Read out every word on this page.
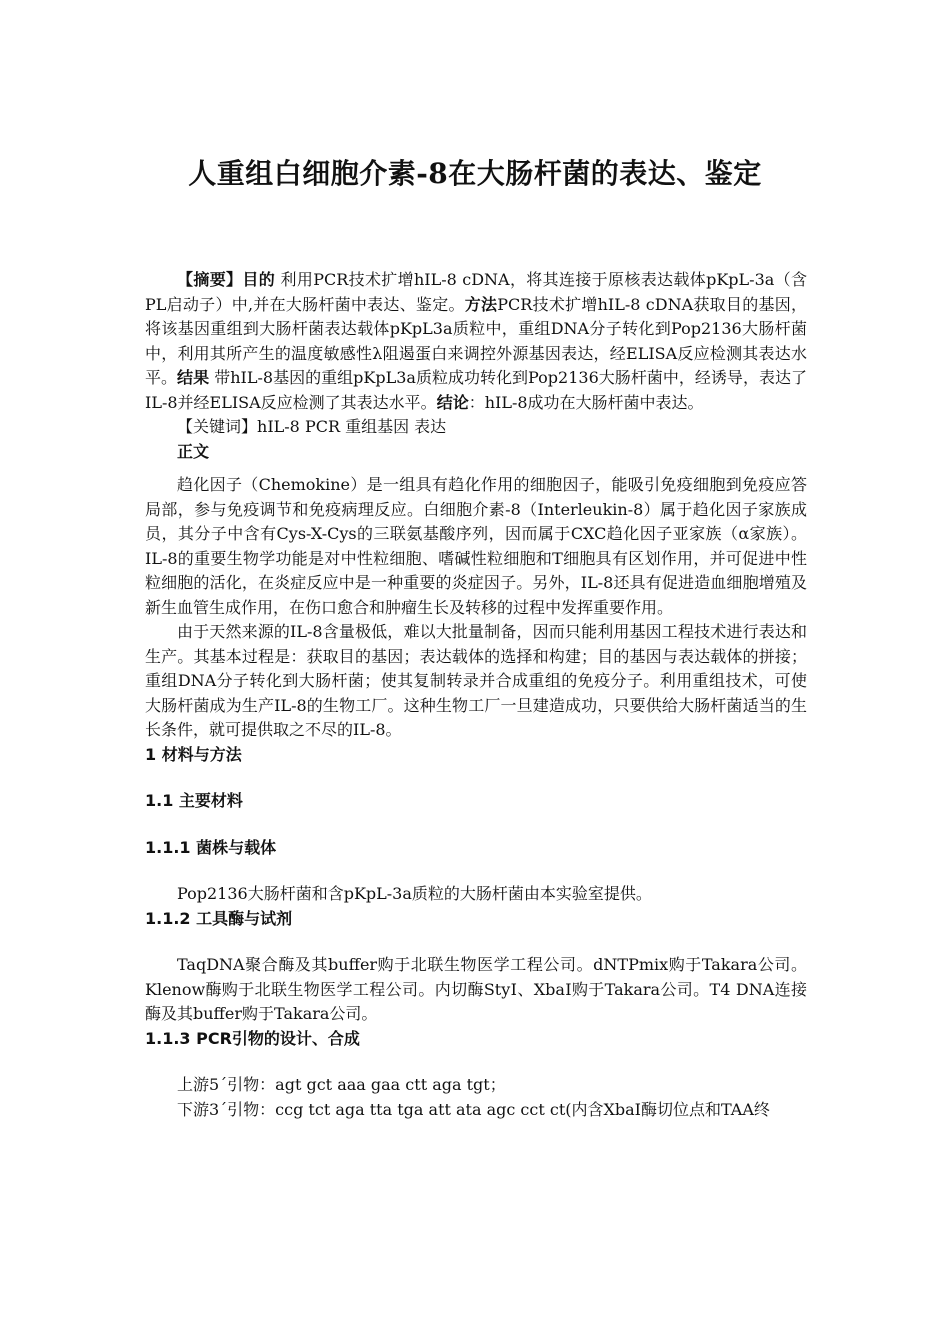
人重组白细胞介素-8在大肠杆菌的表达、鉴定

【摘要】目的 利用PCR技术扩增hIL-8 cDNA，将其连接于原核表达载体pKpL-3a（含PL启动子）中,并在大肠杆菌中表达、鉴定。方法PCR技术扩增hIL-8 cDNA获取目的基因，将该基因重组到大肠杆菌表达载体pKpL3a质粒中，重组DNA分子转化到Pop2136大肠杆菌中，利用其所产生的温度敏感性λ阻遏蛋白来调控外源基因表达，经ELISA反应检测其表达水平。结果 带hIL-8基因的重组pKpL3a质粒成功转化到Pop2136大肠杆菌中，经诱导，表达了IL-8并经ELISA反应检测了其表达水平。结论：hIL-8成功在大肠杆菌中表达。

【关键词】hIL-8 PCR 重组基因 表达

正文

趋化因子（Chemokine）是一组具有趋化作用的细胞因子，能吸引免疫细胞到免疫应答局部，参与免疫调节和免疫病理反应。白细胞介素-8（Interleukin-8）属于趋化因子家族成员，其分子中含有Cys-X-Cys的三联氨基酸序列，因而属于CXC趋化因子亚家族（α家族）。IL-8的重要生物学功能是对中性粒细胞、嗜碱性粒细胞和T细胞具有区划作用，并可促进中性粒细胞的活化，在炎症反应中是一种重要的炎症因子。另外，IL-8还具有促进造血细胞增殖及新生血管生成作用，在伤口愈合和肿瘤生长及转移的过程中发挥重要作用。

由于天然来源的IL-8含量极低，难以大批量制备，因而只能利用基因工程技术进行表达和生产。其基本过程是：获取目的基因；表达载体的选择和构建；目的基因与表达载体的拼接；重组DNA分子转化到大肠杆菌；使其复制转录并合成重组的免疫分子。利用重组技术，可使大肠杆菌成为生产IL-8的生物工厂。这种生物工厂一旦建造成功，只要供给大肠杆菌适当的生长条件，就可提供取之不尽的IL-8。

1 材料与方法

1.1 主要材料

1.1.1 菌株与载体

Pop2136大肠杆菌和含pKpL-3a质粒的大肠杆菌由本实验室提供。

1.1.2 工具酶与试剂

TaqDNA聚合酶及其buffer购于北联生物医学工程公司。dNTPmix购于Takara公司。Klenow酶购于北联生物医学工程公司。内切酶StyⅠ、XbaⅠ购于Takara公司。T4 DNA连接酶及其buffer购于Takara公司。

1.1.3 PCR引物的设计、合成

上游5´引物：agt gct aaa gaa ctt aga tgt；

下游3´引物：ccg tct aga tta tga att ata agc cct ct(内含XbaⅠ酶切位点和TAA终
